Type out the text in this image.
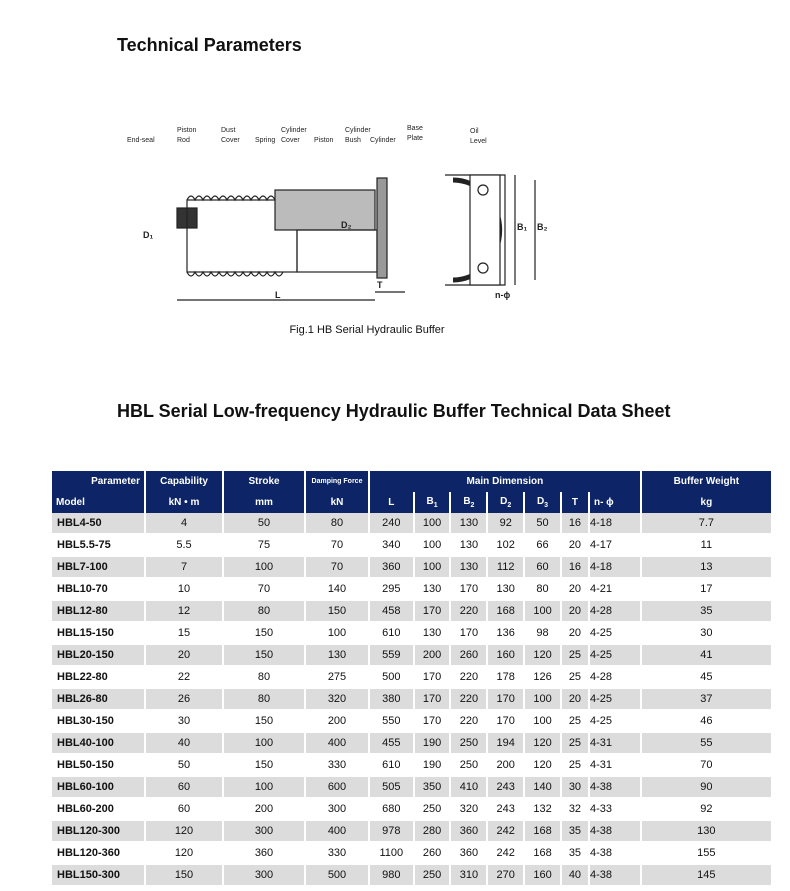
Technical Parameters
End-seal
Piston
Rod
Dust
Cover Spring
Cylinder
Cover Piston
Cylinder
Bush Cylinder
Base
Plate
Oil
Level
L
T
D₁
D₂	B₁ B₂
n-ϕ
Fig.1 HB Serial Hydraulic Buffer
HBL Serial Low-frequency Hydraulic Buffer Technical Data Sheet
Parameter	Capability	Stroke	Damping Force	Main Dimension							Buffer Weight
Model	kN • m	mm	kN	L	$B_1$	$B_2$	$D_2$	$D_3$	T	n- ϕ	kg
HBL4-50	4	50	80	240	100	130	92	50	16	4-18	7.7
HBL5.5-75	5.5	75	70	340	100	130	102	66	20	4-17	11
HBL7-100	7	100	70	360	100	130	112	60	16	4-18	13
HBL10-70	10	70	140	295	130	170	130	80	20	4-21	17
HBL12-80	12	80	150	458	170	220	168	100	20	4-28	35
HBL15-150	15	150	100	610	130	170	136	98	20	4-25	30
HBL20-150	20	150	130	559	200	260	160	120	25	4-25	41
HBL22-80	22	80	275	500	170	220	178	126	25	4-28	45
HBL26-80	26	80	320	380	170	220	170	100	20	4-25	37
HBL30-150	30	150	200	550	170	220	170	100	25	4-25	46
HBL40-100	40	100	400	455	190	250	194	120	25	4-31	55
HBL50-150	50	150	330	610	190	250	200	120	25	4-31	70
HBL60-100	60	100	600	505	350	410	243	140	30	4-38	90
HBL60-200	60	200	300	680	250	320	243	132	32	4-33	92
HBL120-300	120	300	400	978	280	360	242	168	35	4-38	130
HBL120-360	120	360	330	1100	260	360	242	168	35	4-38	155
HBL150-300	150	300	500	980	250	310	270	160	40	4-38	145
